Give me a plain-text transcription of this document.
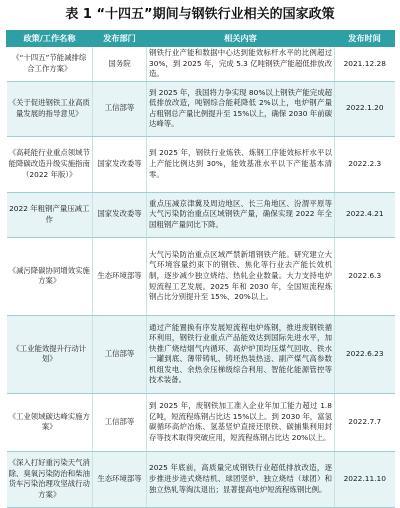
表 1 “十四五”期间与钢铁行业相关的国家政策
政策/工作名称	发布部门	相关内容	发布时间
《“十四五”节能减排综合工作方案》	国务院	钢铁行业产能和数据中心达到能效标杆水平的比例超过 30%，到 2025 年，完成 5.3 亿吨钢铁产能超低排放改造。	2021.12.28
《关于促进钢铁工业高质量发展的指导意见》	工信部等	到 2025 年，我国将力争实现 80%以上钢铁产能完成超低排放改造，吨钢综合能耗降低 2%以上，电炉钢产量占粗钢总产量比例提升至 15%以上，确保 2030 年前碳达峰等。	2022.1.20
《高耗能行业重点领域节能降碳改造升级实施指南（2022 年版）》	国家发改委等	到 2025 年，钢铁行业炼铁、炼钢工序能效标杆水平以上产能比例达到 30%，能效基准水平以下产能基本清零。	2022.2.3
2022 年粗钢产量压减工作	国家发改委等	重点压减京津冀及周边地区、长三角地区、汾渭平原等大气污染防治重点区域钢铁产量，确保实现 2022 年全国粗钢产量同比下降。	2022.4.21
《减污降碳协同增效实施方案》	生态环境部等	大气污染防治重点区域严禁新增钢铁产能。研究建立大气环境容量约束下的钢铁、焦化等行业去产能长效机制，逐步减少独立烧结、热轧企业数量。大力支持电炉短流程工艺发展。2025 年和 2030 年，全国短流程炼钢占比分别提升至 15%、20%以上。	2022.6.3
《工业能效提升行动计划》	工信部等	通过产能置换有序发展短流程电炉炼钢，推进废钢铁循环利用，钢铁行业重点产品能效达到国际先进水平，加快推广烧结烟气内循环、高炉炉顶均压煤气回收、铁水一罐到底、薄带铸轧、铸坯热装热送、副产煤气高参数机组发电、余热余压梯级综合利用、智能化能源管控等技术装备。	2022.6.23
《工业领域碳达峰实施方案》	工信部等	到 2025 年，废钢铁加工准入企业年加工能力超过 1.8 亿吨，短流程炼钢占比达 15%以上。到 2030 年，富氢碳循环高炉冶炼、氢基竖炉直接还原铁、碳捕集利用封存等技术取得突破应用，短流程炼钢占比达 20%以上。	2022.7.7
《深入打好重污染天气消除、臭氧污染防治和柴油货车污染治理攻坚战行动方案》	生态环境部等	2025 年底前，高质量完成钢铁行业超低排放改造，逐步推进步进式烧结机、球团竖炉、独立烧结（球团）和独立热轧等淘汰退出；显著提高电炉短流程炼钢比例。	2022.11.10
